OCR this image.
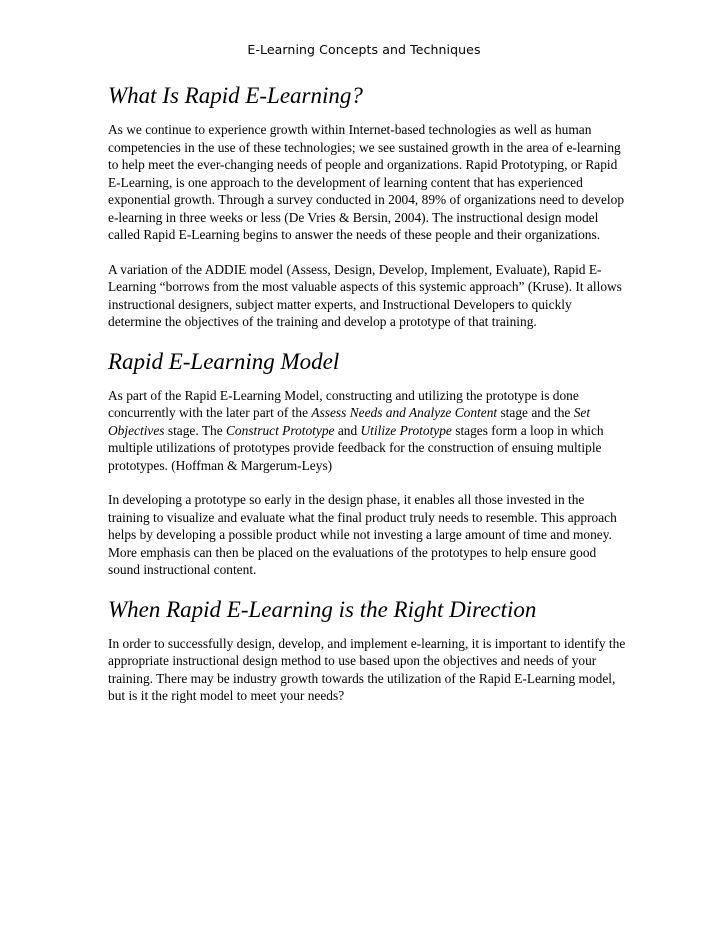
E-Learning Concepts and Techniques
What Is Rapid E-Learning?

As we continue to experience growth within Internet-based technologies as well as human competencies in the use of these technologies; we see sustained growth in the area of e-learning to help meet the ever-changing needs of people and organizations. Rapid Prototyping, or Rapid E-Learning, is one approach to the development of learning content that has experienced exponential growth. Through a survey conducted in 2004, 89% of organizations need to develop e-learning in three weeks or less (De Vries & Bersin, 2004). The instructional design model called Rapid E-Learning begins to answer the needs of these people and their organizations.

A variation of the ADDIE model (Assess, Design, Develop, Implement, Evaluate), Rapid E-Learning “borrows from the most valuable aspects of this systemic approach” (Kruse). It allows instructional designers, subject matter experts, and Instructional Developers to quickly determine the objectives of the training and develop a prototype of that training.

Rapid E-Learning Model

As part of the Rapid E-Learning Model, constructing and utilizing the prototype is done concurrently with the later part of the Assess Needs and Analyze Content stage and the Set Objectives stage. The Construct Prototype and Utilize Prototype stages form a loop in which multiple utilizations of prototypes provide feedback for the construction of ensuing multiple prototypes. (Hoffman & Margerum-Leys)

In developing a prototype so early in the design phase, it enables all those invested in the training to visualize and evaluate what the final product truly needs to resemble. This approach helps by developing a possible product while not investing a large amount of time and money. More emphasis can then be placed on the evaluations of the prototypes to help ensure good sound instructional content.

When Rapid E-Learning is the Right Direction

In order to successfully design, develop, and implement e-learning, it is important to identify the appropriate instructional design method to use based upon the objectives and needs of your training. There may be industry growth towards the utilization of the Rapid E-Learning model, but is it the right model to meet your needs?
